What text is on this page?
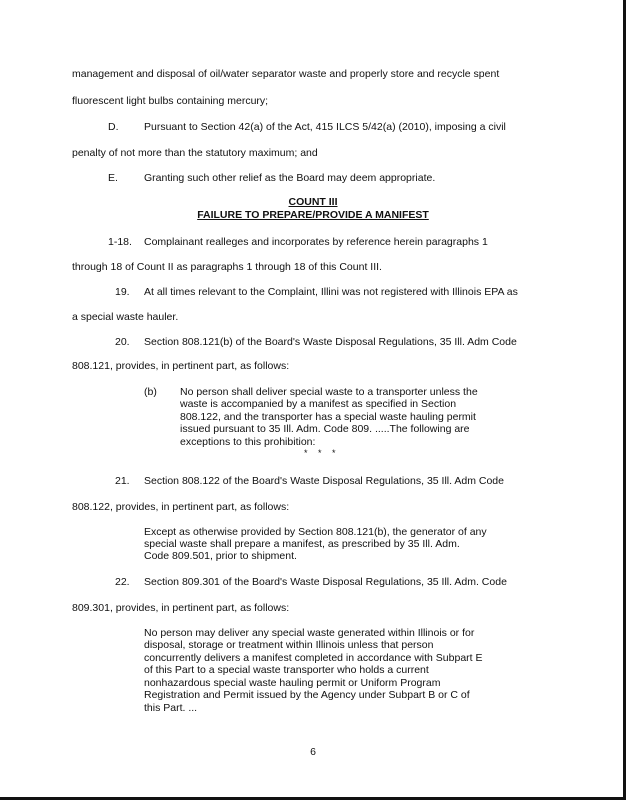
management and disposal of oil/water separator waste and properly store and recycle spent
fluorescent light bulbs containing mercury;
D. Pursuant to Section 42(a) of the Act, 415 ILCS 5/42(a) (2010), imposing a civil
penalty of not more than the statutory maximum; and
E. Granting such other relief as the Board may deem appropriate.
COUNT III
FAILURE TO PREPARE/PROVIDE A MANIFEST
1-18. Complainant realleges and incorporates by reference herein paragraphs 1
through 18 of Count II as paragraphs 1 through 18 of this Count III.
19. At all times relevant to the Complaint, Illini was not registered with Illinois EPA as
a special waste hauler.
20. Section 808.121(b) of the Board's Waste Disposal Regulations, 35 Ill. Adm Code
808.121, provides, in pertinent part, as follows:
(b) No person shall deliver special waste to a transporter unless the
waste is accompanied by a manifest as specified in Section
808.122, and the transporter has a special waste hauling permit
issued pursuant to 35 Ill. Adm. Code 809. .....The following are
exceptions to this prohibition:
* * *
21. Section 808.122 of the Board's Waste Disposal Regulations, 35 Ill. Adm Code
808.122, provides, in pertinent part, as follows:
Except as otherwise provided by Section 808.121(b), the generator of any
special waste shall prepare a manifest, as prescribed by 35 Ill. Adm.
Code 809.501, prior to shipment.
22. Section 809.301 of the Board's Waste Disposal Regulations, 35 Ill. Adm. Code
809.301, provides, in pertinent part, as follows:
No person may deliver any special waste generated within Illinois or for
disposal, storage or treatment within Illinois unless that person
concurrently delivers a manifest completed in accordance with Subpart E
of this Part to a special waste transporter who holds a current
nonhazardous special waste hauling permit or Uniform Program
Registration and Permit issued by the Agency under Subpart B or C of
this Part. ...
6
